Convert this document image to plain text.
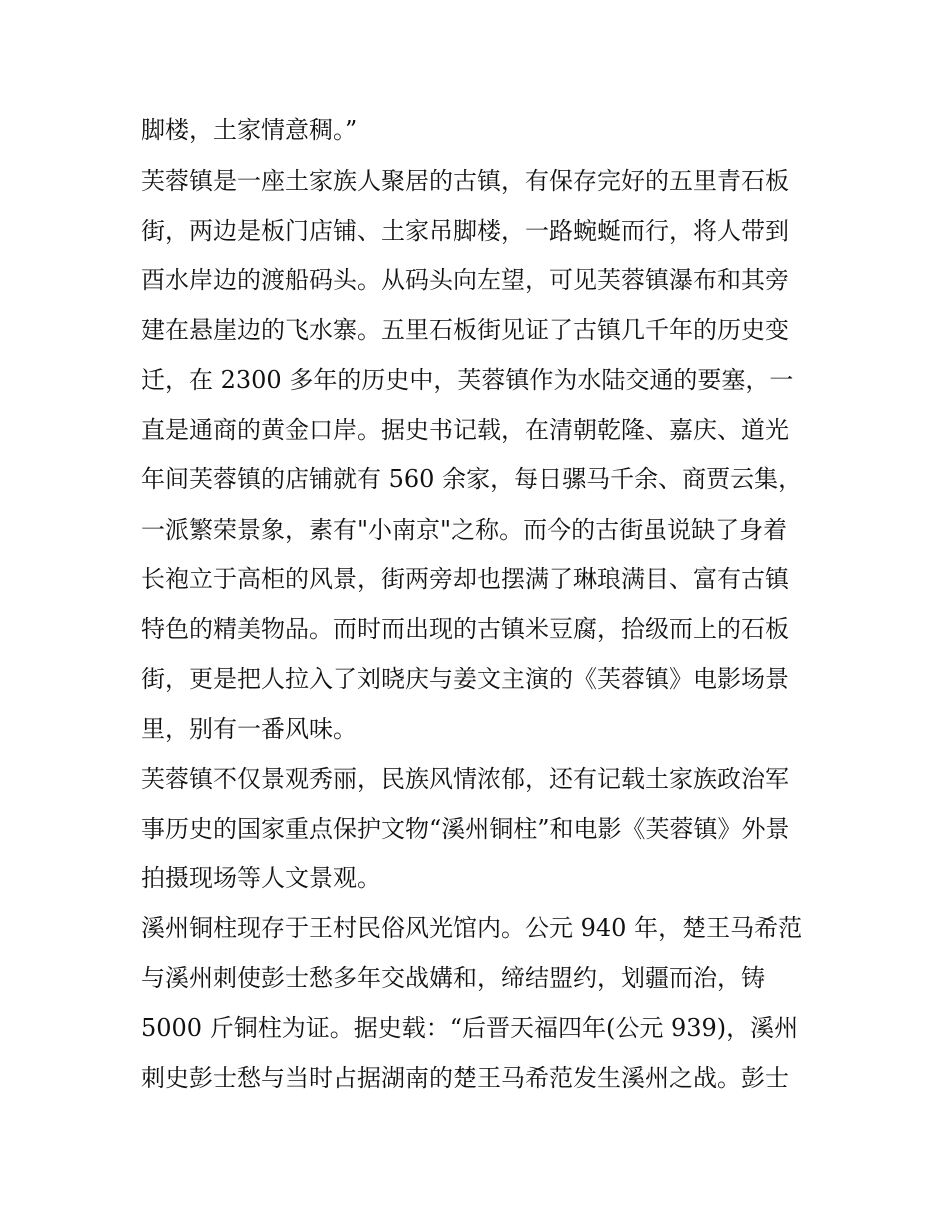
脚楼，土家情意稠。”
芙蓉镇是一座土家族人聚居的古镇，有保存完好的五里青石板
街，两边是板门店铺、土家吊脚楼，一路蜿蜒而行，将人带到
酉水岸边的渡船码头。从码头向左望，可见芙蓉镇瀑布和其旁
建在悬崖边的飞水寨。五里石板街见证了古镇几千年的历史变
迁，在 2300 多年的历史中，芙蓉镇作为水陆交通的要塞，一
直是通商的黄金口岸。据史书记载，在清朝乾隆、嘉庆、道光
年间芙蓉镇的店铺就有 560 余家，每日骡马千余、商贾云集，
一派繁荣景象，素有"小南京"之称。而今的古街虽说缺了身着
长袍立于高柜的风景，街两旁却也摆满了琳琅满目、富有古镇
特色的精美物品。而时而出现的古镇米豆腐，拾级而上的石板
街，更是把人拉入了刘晓庆与姜文主演的《芙蓉镇》电影场景
里，别有一番风味。
芙蓉镇不仅景观秀丽，民族风情浓郁，还有记载土家族政治军
事历史的国家重点保护文物“溪州铜柱”和电影《芙蓉镇》外景
拍摄现场等人文景观。
溪州铜柱现存于王村民俗风光馆内。公元 940 年，楚王马希范
与溪州刺使彭士愁多年交战媾和，缔结盟约，划疆而治，铸
5000 斤铜柱为证。据史载：“后晋天福四年(公元 939)，溪州
刺史彭士愁与当时占据湖南的楚王马希范发生溪州之战。彭士
